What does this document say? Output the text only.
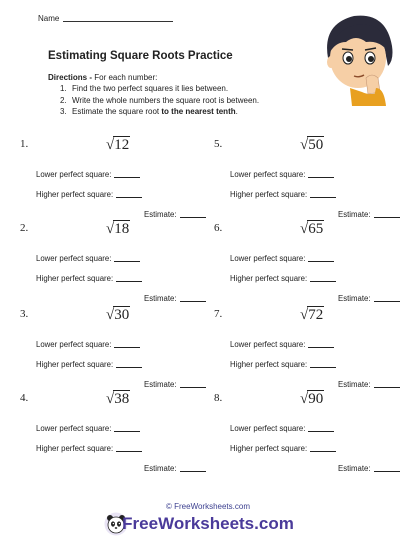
Name
Estimating Square Roots Practice
Directions - For each number:
1. Find the two perfect squares it lies between.
2. Write the whole numbers the square root is between.
3. Estimate the square root to the nearest tenth.
1.	√12
Lower perfect square:
Higher perfect square:
Estimate:
2.	√18
Lower perfect square:
Higher perfect square:
Estimate:
3.	√30
Lower perfect square:
Higher perfect square:
Estimate:
4.	√38
Lower perfect square:
Higher perfect square:
Estimate:
5.	√50
Lower perfect square:
Higher perfect square:
Estimate:
6.	√65
Lower perfect square:
Higher perfect square:
Estimate:
7.	√72
Lower perfect square:
Higher perfect square:
Estimate:
8.	√90
Lower perfect square:
Higher perfect square:
Estimate:
© FreeWorksheets.com
FreeWorksheets.com
